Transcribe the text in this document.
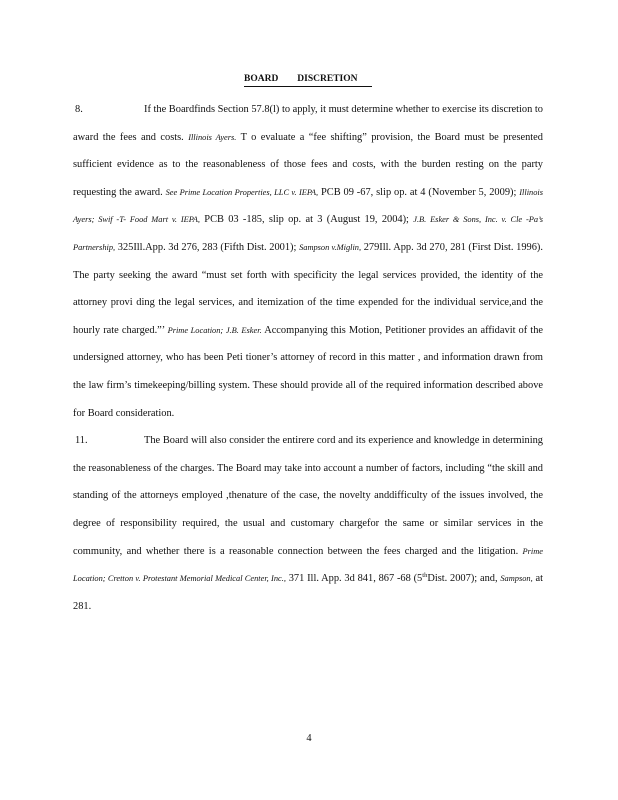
BOARD        DISCRETION

8.	If the Boardfinds Section 57.8(l) to apply, it must determine whether to exercise its discretion to award the fees and costs. Illinois Ayers. T o evaluate a “fee shifting” provision, the Board must be presented sufficient evidence as to the reasonableness of those fees and costs, with the burden resting on the party requesting the award. See Prime Location Properties, LLC v. IEPA, PCB 09 -67, slip op. at 4 (November 5, 2009); Illinois Ayers; Swif -T- Food Mart v. IEPA, PCB 03 -185, slip op. at 3 (August 19, 2004); J.B. Esker & Sons, Inc. v. Cle -Pa’s Partnership, 325Ill.App. 3d 276, 283 (Fifth Dist. 2001); Sampson v.Miglin, 279Ill. App. 3d 270, 281 (First Dist. 1996). The party seeking the award “must set forth with specificity the legal services provided, the identity of the attorney provi ding the legal services, and itemization of the time expended for the individual service,and the hourly rate charged.”’ Prime Location; J.B. Esker. Accompanying this Motion, Petitioner provides an affidavit of the undersigned attorney, who has been Peti tioner’s attorney of record in this matter , and information drawn from the law firm’s timekeeping/billing system. These should provide all of the required information described above for Board consideration.

11.	The Board will also consider the entirere cord and its experience and knowledge in determining the reasonableness of the charges. The Board may take into account a number of factors, including “the skill and standing of the attorneys employed ,thenature of the case, the novelty anddifficulty of the issues involved, the degree of responsibility required, the usual and customary chargefor the same or similar services in the community, and whether there is a reasonable connection between the fees charged and the litigation. Prime Location; Cretton v. Protestant Memorial Medical Center, Inc., 371 Ill. App. 3d 841, 867 -68 (5thDist. 2007); and, Sampson, at 281.

4
